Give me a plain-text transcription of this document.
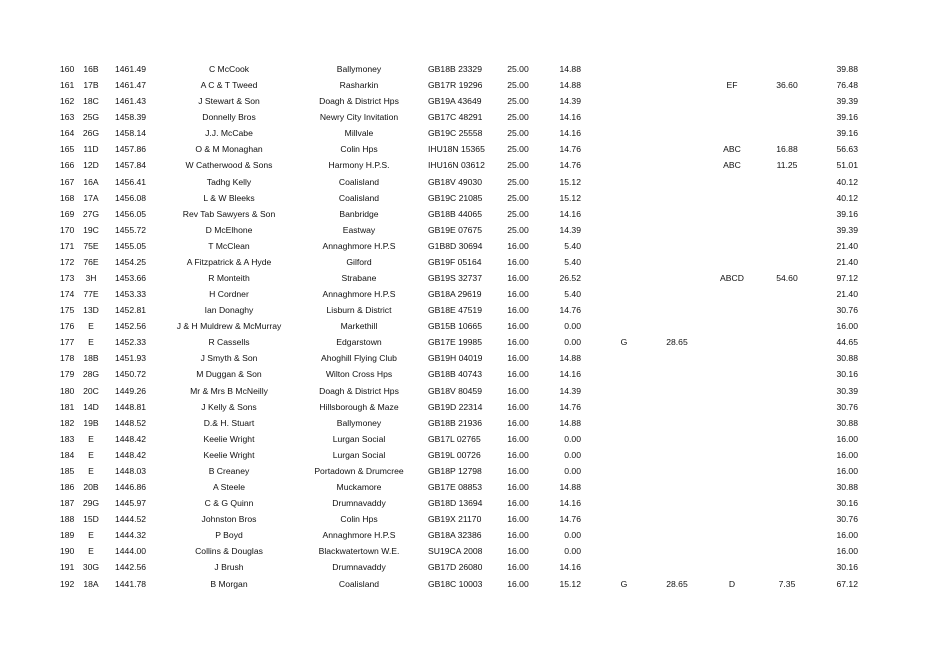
160	16B	1461.49	C McCook	Ballymoney	GB18B 23329	25.00	14.88	39.88
161	17B	1461.47	A C & T Tweed	Rasharkin	GB17R 19296	25.00	14.88	EF	36.60	76.48
162	18C	1461.43	J Stewart & Son	Doagh & District Hps	GB19A 43649	25.00	14.39	39.39
163 25G	1458.39	Donnelly Bros	Newry City Invitation	GB17C 48291	25.00	14.16	39.16
164 26G	1458.14	J.J. McCabe	Millvale	GB19C 25558	25.00	14.16	39.16
165	11D	1457.86	O & M Monaghan	Colin Hps	IHU18N 15365	25.00	14.76	ABC	16.88	56.63
166	12D	1457.84	W Catherwood & Sons	Harmony H.P.S.	IHU16N 03612	25.00	14.76	ABC	11.25	51.01
167	16A	1456.41	Tadhg Kelly	Coalisland	GB18V 49030	25.00	15.12	40.12
168	17A	1456.08	L & W Bleeks	Coalisland	GB19C 21085	25.00	15.12	40.12
169 27G	1456.05	Rev Tab Sawyers & Son	Banbridge	GB18B 44065	25.00	14.16	39.16
170	19C	1455.72	D McElhone	Eastway	GB19E 07675	25.00	14.39	39.39
171	75E	1455.05	T McClean	Annaghmore H.P.S	G1B8D 30694	16.00	5.40	21.40
172	76E	1454.25	A Fitzpatrick & A Hyde	Gilford	GB19F 05164	16.00	5.40	21.40
173	3H	1453.66	R Monteith	Strabane	GB19S 32737	16.00	26.52	ABCD	54.60	97.12
174	77E	1453.33	H Cordner	Annaghmore H.P.S	GB18A 29619	16.00	5.40	21.40
175	13D	1452.81	Ian Donaghy	Lisburn & District	GB18E 47519	16.00	14.76	30.76
176	E	1452.56	J & H Muldrew & McMurray	Markethill	GB15B 10665	16.00	0.00	16.00
177	E	1452.33	R Cassells	Edgarstown	GB17E 19985	16.00	0.00	G	28.65	44.65
178	18B	1451.93	J Smyth & Son	Ahoghill Flying Club	GB19H 04019	16.00	14.88	30.88
179 28G	1450.72	M Duggan & Son	Wilton Cross Hps	GB18B 40743	16.00	14.16	30.16
180	20C	1449.26	Mr & Mrs B McNeilly	Doagh & District Hps	GB18V 80459	16.00	14.39	30.39
181	14D	1448.81	J Kelly & Sons	Hillsborough & Maze	GB19D 22314	16.00	14.76	30.76
182	19B	1448.52	D.& H. Stuart	Ballymoney	GB18B 21936	16.00	14.88	30.88
183	E	1448.42	Keelie Wright	Lurgan Social	GB17L 02765	16.00	0.00	16.00
184	E	1448.42	Keelie Wright	Lurgan Social	GB19L 00726	16.00	0.00	16.00
185	E	1448.03	B Creaney	Portadown & Drumcree	GB18P 12798	16.00	0.00	16.00
186	20B	1446.86	A Steele	Muckamore	GB17E 08853	16.00	14.88	30.88
187 29G	1445.97	C & G Quinn	Drumnavaddy	GB18D 13694	16.00	14.16	30.16
188	15D	1444.52	Johnston Bros	Colin Hps	GB19X 21170	16.00	14.76	30.76
189	E	1444.32	P Boyd	Annaghmore H.P.S	GB18A 32386	16.00	0.00	16.00
190	E	1444.00	Collins & Douglas	Blackwatertown W.E.	SU19CA 2008	16.00	0.00	16.00
191 30G	1442.56	J Brush	Drumnavaddy	GB17D 26080	16.00	14.16	30.16
192	18A	1441.78	B Morgan	Coalisland	GB18C 10003	16.00	15.12	G	28.65	D	7.35	67.12
